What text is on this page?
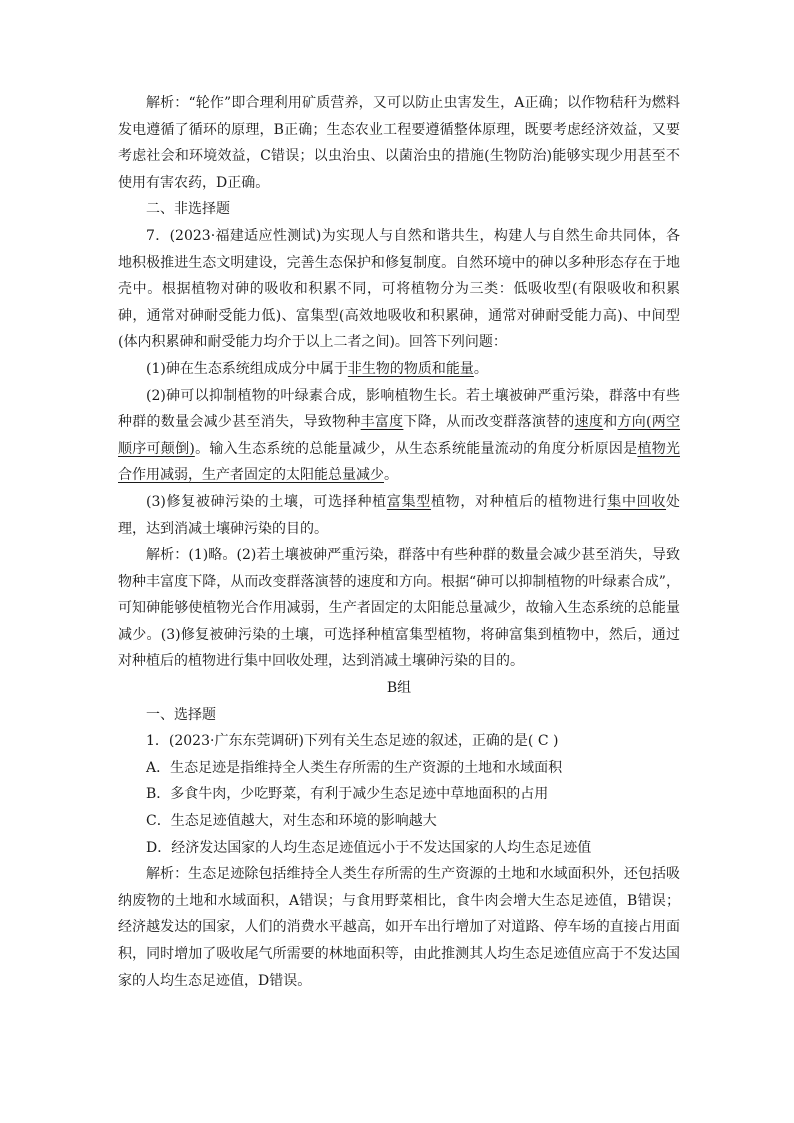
解析：“轮作”即合理利用矿质营养，又可以防止虫害发生，A正确；以作物秸秆为燃料发电遵循了循环的原理，B正确；生态农业工程要遵循整体原理，既要考虑经济效益，又要考虑社会和环境效益，C错误；以虫治虫、以菌治虫的措施(生物防治)能够实现少用甚至不使用有害农药，D正确。

二、非选择题

7．(2023·福建适应性测试)为实现人与自然和谐共生，构建人与自然生命共同体，各地积极推进生态文明建设，完善生态保护和修复制度。自然环境中的砷以多种形态存在于地壳中。根据植物对砷的吸收和积累不同，可将植物分为三类：低吸收型(有限吸收和积累砷，通常对砷耐受能力低)、富集型(高效地吸收和积累砷，通常对砷耐受能力高)、中间型(体内积累砷和耐受能力均介于以上二者之间)。回答下列问题：

(1)砷在生态系统组成成分中属于非生物的物质和能量。

(2)砷可以抑制植物的叶绿素合成，影响植物生长。若土壤被砷严重污染，群落中有些种群的数量会减少甚至消失，导致物种丰富度下降，从而改变群落演替的速度和方向(两空顺序可颠倒)。输入生态系统的总能量减少，从生态系统能量流动的角度分析原因是植物光合作用减弱，生产者固定的太阳能总量减少。

(3)修复被砷污染的土壤，可选择种植富集型植物，对种植后的植物进行集中回收处理，达到消减土壤砷污染的目的。

解析：(1)略。(2)若土壤被砷严重污染，群落中有些种群的数量会减少甚至消失，导致物种丰富度下降，从而改变群落演替的速度和方向。根据“砷可以抑制植物的叶绿素合成”，可知砷能够使植物光合作用减弱，生产者固定的太阳能总量减少，故输入生态系统的总能量减少。(3)修复被砷污染的土壤，可选择种植富集型植物，将砷富集到植物中，然后，通过对种植后的植物进行集中回收处理，达到消减土壤砷污染的目的。

B组

一、选择题

1．(2023·广东东莞调研)下列有关生态足迹的叙述，正确的是( C )

A．生态足迹是指维持全人类生存所需的生产资源的土地和水域面积

B．多食牛肉，少吃野菜，有利于减少生态足迹中草地面积的占用

C．生态足迹值越大，对生态和环境的影响越大

D．经济发达国家的人均生态足迹值远小于不发达国家的人均生态足迹值

解析：生态足迹除包括维持全人类生存所需的生产资源的土地和水域面积外，还包括吸纳废物的土地和水域面积，A错误；与食用野菜相比，食牛肉会增大生态足迹值，B错误；经济越发达的国家，人们的消费水平越高，如开车出行增加了对道路、停车场的直接占用面积，同时增加了吸收尾气所需要的林地面积等，由此推测其人均生态足迹值应高于不发达国家的人均生态足迹值，D错误。
